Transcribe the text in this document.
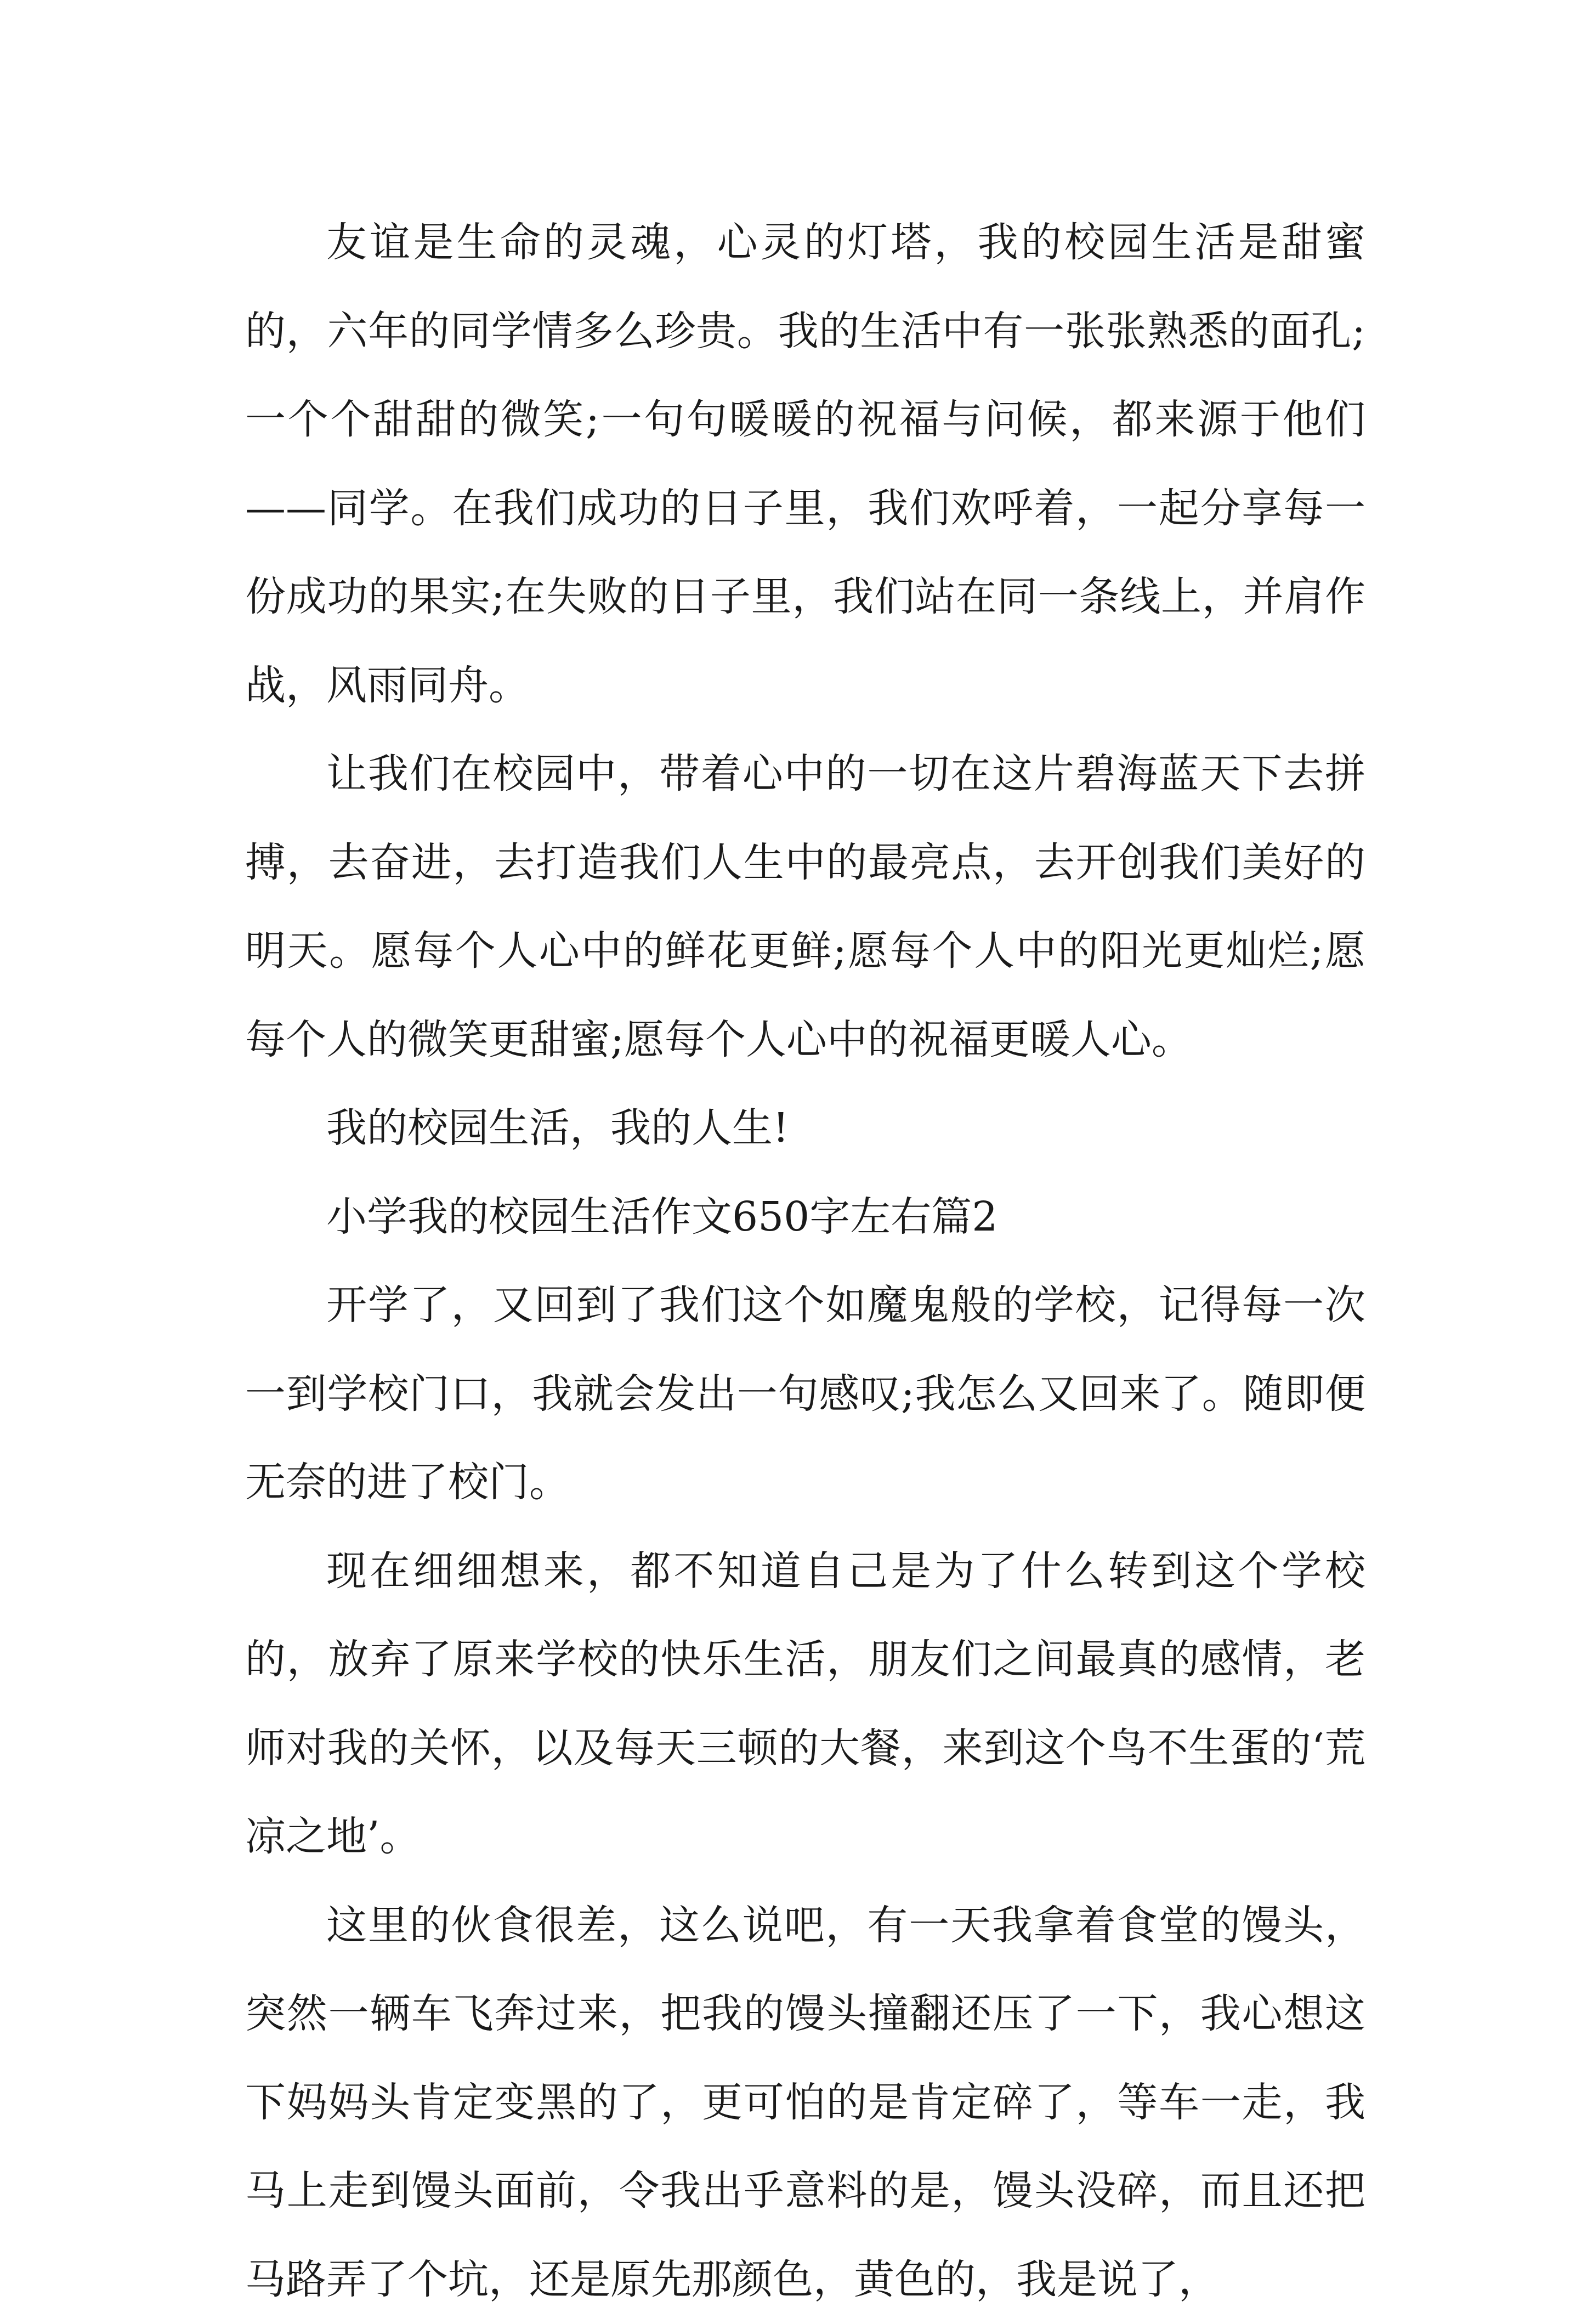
友谊是生命的灵魂，心灵的灯塔，我的校园生活是甜蜜的，六年的同学情多么珍贵。我的生活中有一张张熟悉的面孔;一个个甜甜的微笑;一句句暖暖的祝福与问候，都来源于他们——同学。在我们成功的日子里，我们欢呼着，一起分享每一份成功的果实;在失败的日子里，我们站在同一条线上，并肩作战，风雨同舟。

让我们在校园中，带着心中的一切在这片碧海蓝天下去拼搏，去奋进，去打造我们人生中的最亮点，去开创我们美好的明天。愿每个人心中的鲜花更鲜;愿每个人中的阳光更灿烂;愿每个人的微笑更甜蜜;愿每个人心中的祝福更暖人心。

我的校园生活，我的人生!

小学我的校园生活作文650字左右篇2

开学了，又回到了我们这个如魔鬼般的学校，记得每一次一到学校门口，我就会发出一句感叹;我怎么又回来了。随即便无奈的进了校门。

现在细细想来，都不知道自己是为了什么转到这个学校的，放弃了原来学校的快乐生活，朋友们之间最真的感情，老师对我的关怀，以及每天三顿的大餐，来到这个鸟不生蛋的‘荒凉之地’。

这里的伙食很差，这么说吧，有一天我拿着食堂的馒头，突然一辆车飞奔过来，把我的馒头撞翻还压了一下，我心想这下妈妈头肯定变黑的了，更可怕的是肯定碎了，等车一走，我马上走到馒头面前，令我出乎意料的是，馒头没碎，而且还把马路弄了个坑，还是原先那颜色，黄色的，我是说了，
